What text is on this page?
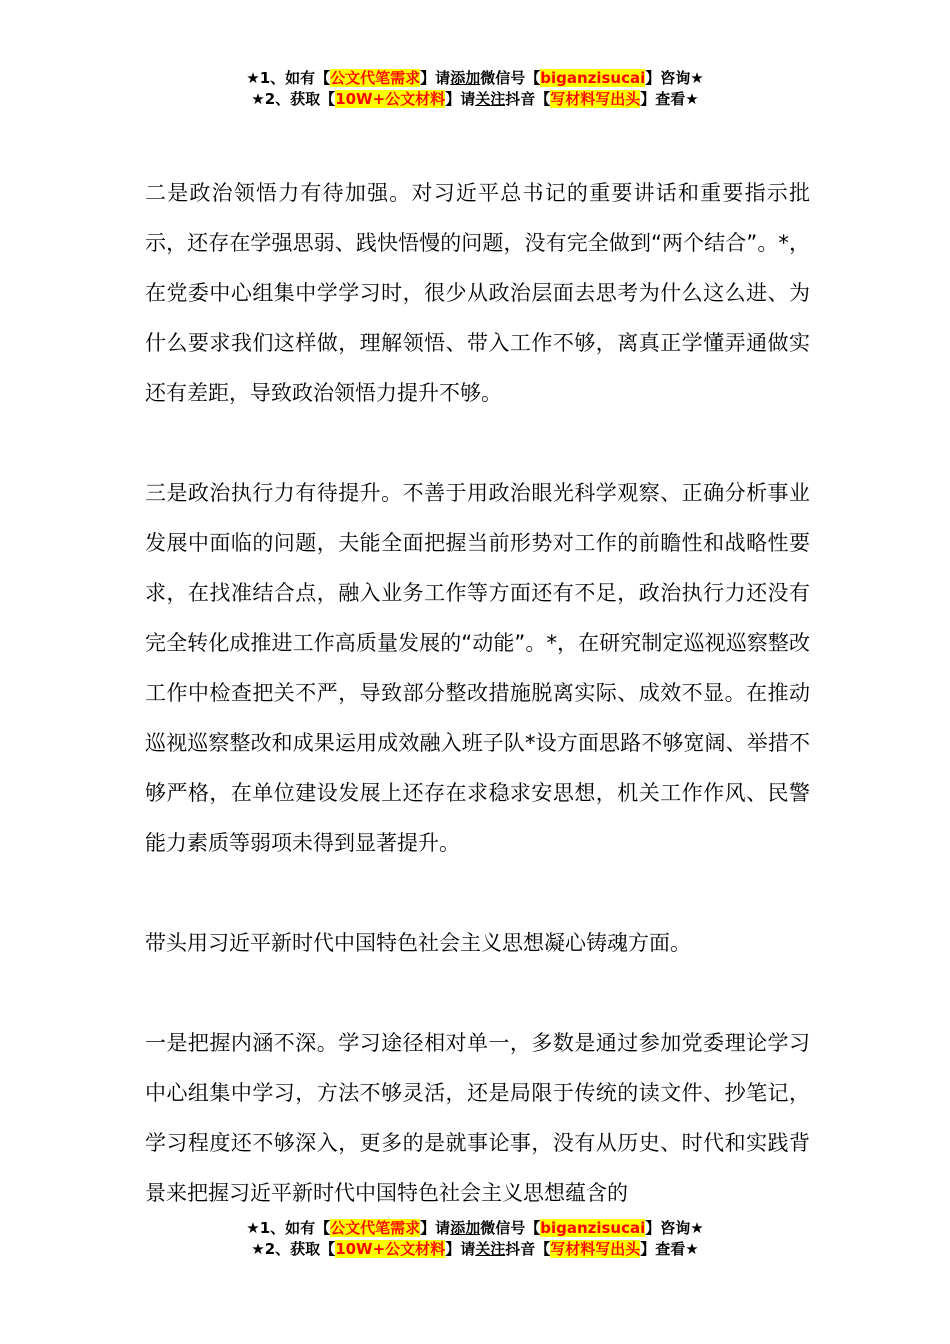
★1、如有【公文代笔需求】请添加微信号【biganzisucai】咨询★
★2、获取【10W+公文材料】请关注抖音【写材料写出头】查看★

二是政治领悟力有待加强。对习近平总书记的重要讲话和重要指示批示，还存在学强思弱、践快悟慢的问题，没有完全做到“两个结合”。*，在党委中心组集中学学习时，很少从政治层面去思考为什么这么进、为什么要求我们这样做，理解领悟、带入工作不够，离真正学懂弄通做实还有差距，导致政治领悟力提升不够。

三是政治执行力有待提升。不善于用政治眼光科学观察、正确分析事业发展中面临的问题，夫能全面把握当前形势对工作的前瞻性和战略性要求，在找准结合点，融入业务工作等方面还有不足，政治执行力还没有完全转化成推进工作高质量发展的“动能”。*，在研究制定巡视巡察整改工作中检查把关不严，导致部分整改措施脱离实际、成效不显。在推动巡视巡察整改和成果运用成效融入班子队*设方面思路不够宽阔、举措不够严格，在单位建设发展上还存在求稳求安思想，机关工作作风、民警能力素质等弱项未得到显著提升。

带头用习近平新时代中国特色社会主义思想凝心铸魂方面。

一是把握内涵不深。学习途径相对单一，多数是通过参加党委理论学习中心组集中学习，方法不够灵活，还是局限于传统的读文件、抄笔记，学习程度还不够深入，更多的是就事论事，没有从历史、时代和实践背景来把握习近平新时代中国特色社会主义思想蕴含的

★1、如有【公文代笔需求】请添加微信号【biganzisucai】咨询★
★2、获取【10W+公文材料】请关注抖音【写材料写出头】查看★
